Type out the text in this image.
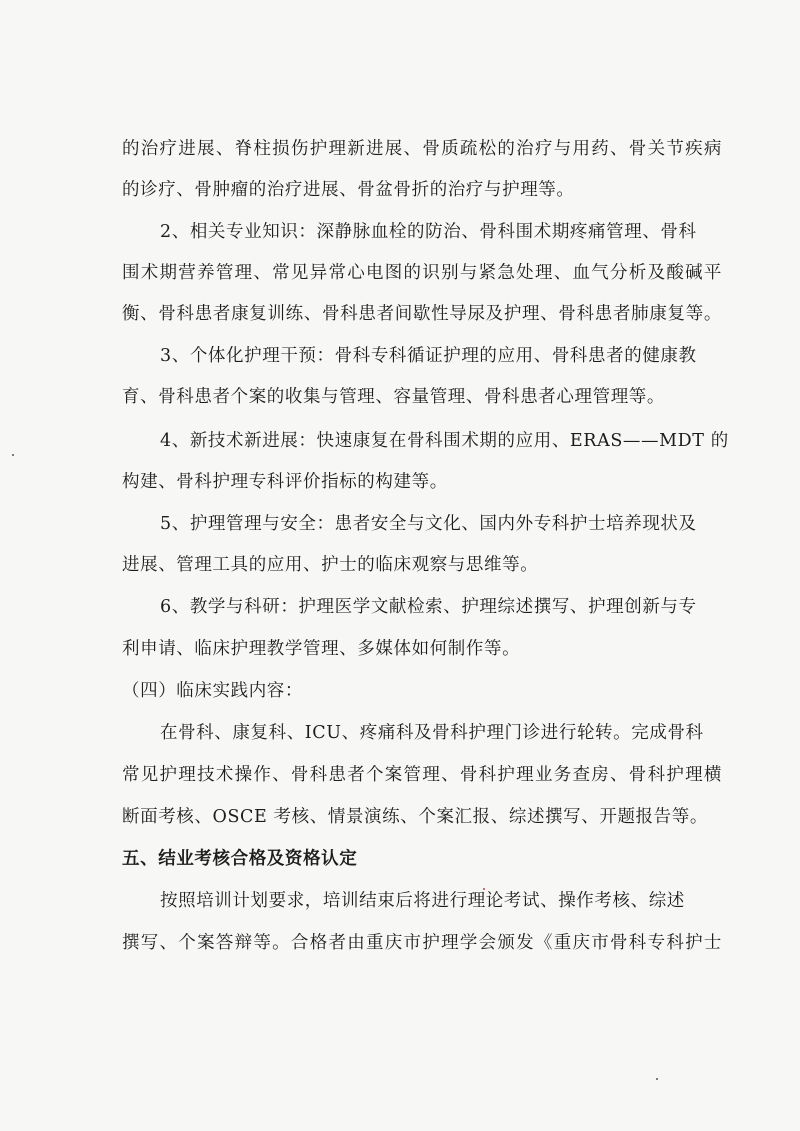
的治疗进展、脊柱损伤护理新进展、骨质疏松的治疗与用药、骨关节疾病
的诊疗、骨肿瘤的治疗进展、骨盆骨折的治疗与护理等。
2、相关专业知识：深静脉血栓的防治、骨科围术期疼痛管理、骨科
围术期营养管理、常见异常心电图的识别与紧急处理、血气分析及酸碱平
衡、骨科患者康复训练、骨科患者间歇性导尿及护理、骨科患者肺康复等。
3、个体化护理干预：骨科专科循证护理的应用、骨科患者的健康教
育、骨科患者个案的收集与管理、容量管理、骨科患者心理管理等。
4、新技术新进展：快速康复在骨科围术期的应用、ERAS——MDT 的
构建、骨科护理专科评价指标的构建等。
5、护理管理与安全：患者安全与文化、国内外专科护士培养现状及
进展、管理工具的应用、护士的临床观察与思维等。
6、教学与科研：护理医学文献检索、护理综述撰写、护理创新与专
利申请、临床护理教学管理、多媒体如何制作等。
（四）临床实践内容：
在骨科、康复科、ICU、疼痛科及骨科护理门诊进行轮转。完成骨科
常见护理技术操作、骨科患者个案管理、骨科护理业务查房、骨科护理横
断面考核、OSCE 考核、情景演练、个案汇报、综述撰写、开题报告等。
五、结业考核合格及资格认定
按照培训计划要求，培训结束后将进行理论考试、操作考核、综述
撰写、个案答辩等。合格者由重庆市护理学会颁发《重庆市骨科专科护士
